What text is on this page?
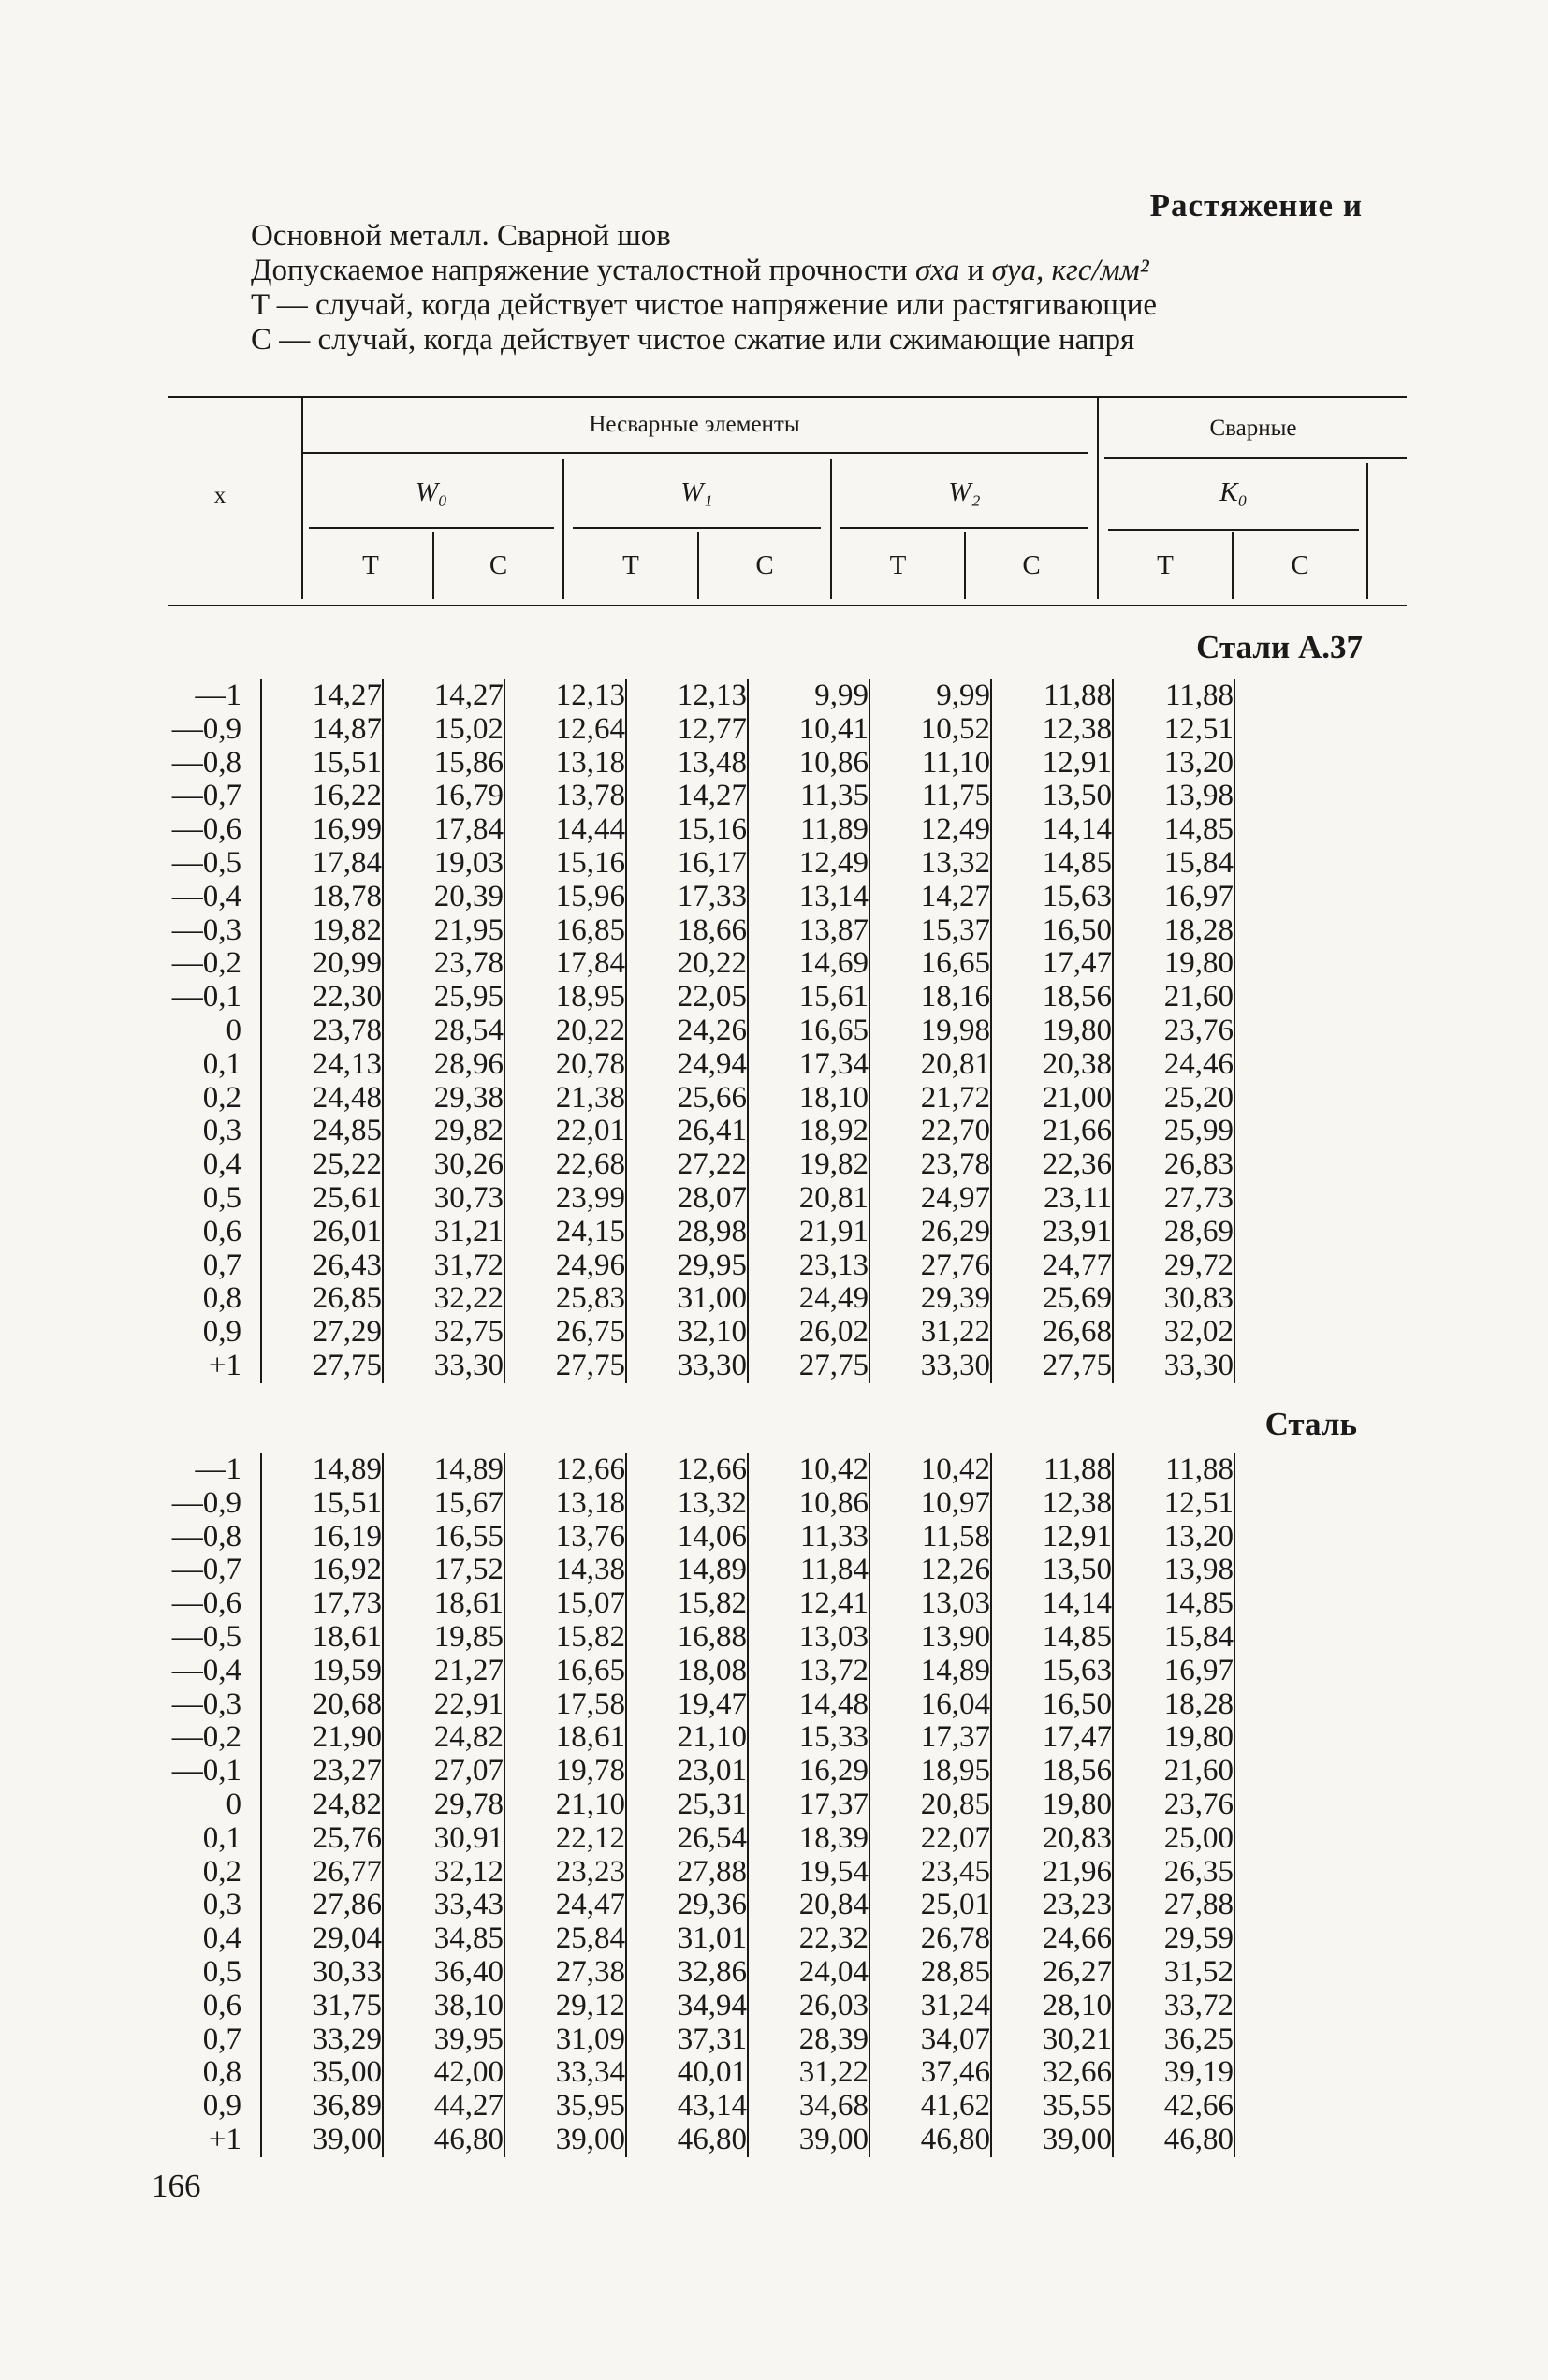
Растяжение и
Основной металл. Сварной шов
Допускаемое напряжение усталостной прочности σxa и σya, кгс/мм²
T — случай, когда действует чистое напряжение или растягивающие
C — случай, когда действует чистое сжатие или сжимающие напря
x
Несварные элементы	Сварные
W₀	W₁	W₂	K₀
T	C	T	C	T	C	T	C
Стали А.37
—1		14,27	14,27	12,13	12,13	9,99	9,99	11,88	11,88
—0,9		14,87	15,02	12,64	12,77	10,41	10,52	12,38	12,51
—0,8		15,51	15,86	13,18	13,48	10,86	11,10	12,91	13,20
—0,7		16,22	16,79	13,78	14,27	11,35	11,75	13,50	13,98
—0,6		16,99	17,84	14,44	15,16	11,89	12,49	14,14	14,85
—0,5		17,84	19,03	15,16	16,17	12,49	13,32	14,85	15,84
—0,4		18,78	20,39	15,96	17,33	13,14	14,27	15,63	16,97
—0,3		19,82	21,95	16,85	18,66	13,87	15,37	16,50	18,28
—0,2		20,99	23,78	17,84	20,22	14,69	16,65	17,47	19,80
—0,1		22,30	25,95	18,95	22,05	15,61	18,16	18,56	21,60
0		23,78	28,54	20,22	24,26	16,65	19,98	19,80	23,76
0,1		24,13	28,96	20,78	24,94	17,34	20,81	20,38	24,46
0,2		24,48	29,38	21,38	25,66	18,10	21,72	21,00	25,20
0,3		24,85	29,82	22,01	26,41	18,92	22,70	21,66	25,99
0,4		25,22	30,26	22,68	27,22	19,82	23,78	22,36	26,83
0,5		25,61	30,73	23,99	28,07	20,81	24,97	23,11	27,73
0,6		26,01	31,21	24,15	28,98	21,91	26,29	23,91	28,69
0,7		26,43	31,72	24,96	29,95	23,13	27,76	24,77	29,72
0,8		26,85	32,22	25,83	31,00	24,49	29,39	25,69	30,83
0,9		27,29	32,75	26,75	32,10	26,02	31,22	26,68	32,02
+1		27,75	33,30	27,75	33,30	27,75	33,30	27,75	33,30
Сталь
—1		14,89	14,89	12,66	12,66	10,42	10,42	11,88	11,88
—0,9		15,51	15,67	13,18	13,32	10,86	10,97	12,38	12,51
—0,8		16,19	16,55	13,76	14,06	11,33	11,58	12,91	13,20
—0,7		16,92	17,52	14,38	14,89	11,84	12,26	13,50	13,98
—0,6		17,73	18,61	15,07	15,82	12,41	13,03	14,14	14,85
—0,5		18,61	19,85	15,82	16,88	13,03	13,90	14,85	15,84
—0,4		19,59	21,27	16,65	18,08	13,72	14,89	15,63	16,97
—0,3		20,68	22,91	17,58	19,47	14,48	16,04	16,50	18,28
—0,2		21,90	24,82	18,61	21,10	15,33	17,37	17,47	19,80
—0,1		23,27	27,07	19,78	23,01	16,29	18,95	18,56	21,60
0		24,82	29,78	21,10	25,31	17,37	20,85	19,80	23,76
0,1		25,76	30,91	22,12	26,54	18,39	22,07	20,83	25,00
0,2		26,77	32,12	23,23	27,88	19,54	23,45	21,96	26,35
0,3		27,86	33,43	24,47	29,36	20,84	25,01	23,23	27,88
0,4		29,04	34,85	25,84	31,01	22,32	26,78	24,66	29,59
0,5		30,33	36,40	27,38	32,86	24,04	28,85	26,27	31,52
0,6		31,75	38,10	29,12	34,94	26,03	31,24	28,10	33,72
0,7		33,29	39,95	31,09	37,31	28,39	34,07	30,21	36,25
0,8		35,00	42,00	33,34	40,01	31,22	37,46	32,66	39,19
0,9		36,89	44,27	35,95	43,14	34,68	41,62	35,55	42,66
+1		39,00	46,80	39,00	46,80	39,00	46,80	39,00	46,80
166
